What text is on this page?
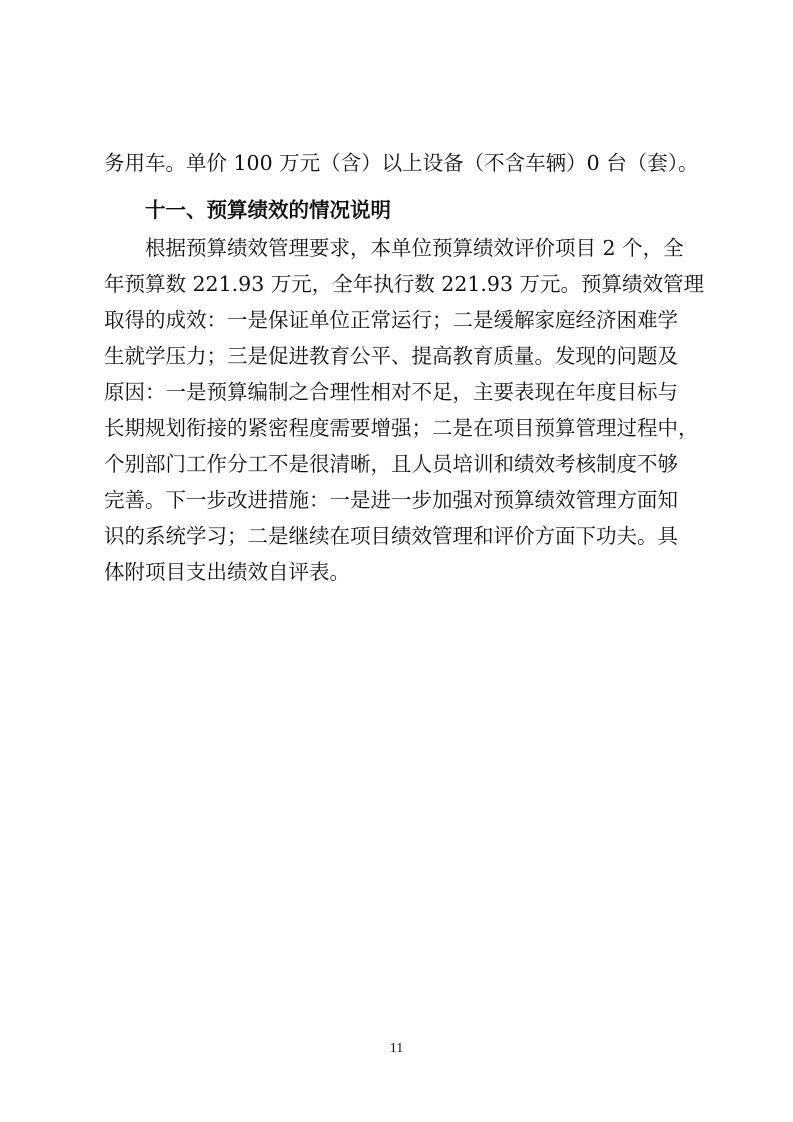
务用车。单价 100 万元（含）以上设备（不含车辆）0 台（套）。
十一、预算绩效的情况说明
根据预算绩效管理要求，本单位预算绩效评价项目 2 个，全
年预算数 221.93 万元，全年执行数 221.93 万元。预算绩效管理
取得的成效：一是保证单位正常运行；二是缓解家庭经济困难学
生就学压力；三是促进教育公平、提高教育质量。发现的问题及
原因：一是预算编制之合理性相对不足，主要表现在年度目标与
长期规划衔接的紧密程度需要增强；二是在项目预算管理过程中，
个别部门工作分工不是很清晰，且人员培训和绩效考核制度不够
完善。下一步改进措施：一是进一步加强对预算绩效管理方面知
识的系统学习；二是继续在项目绩效管理和评价方面下功夫。具
体附项目支出绩效自评表。
11
